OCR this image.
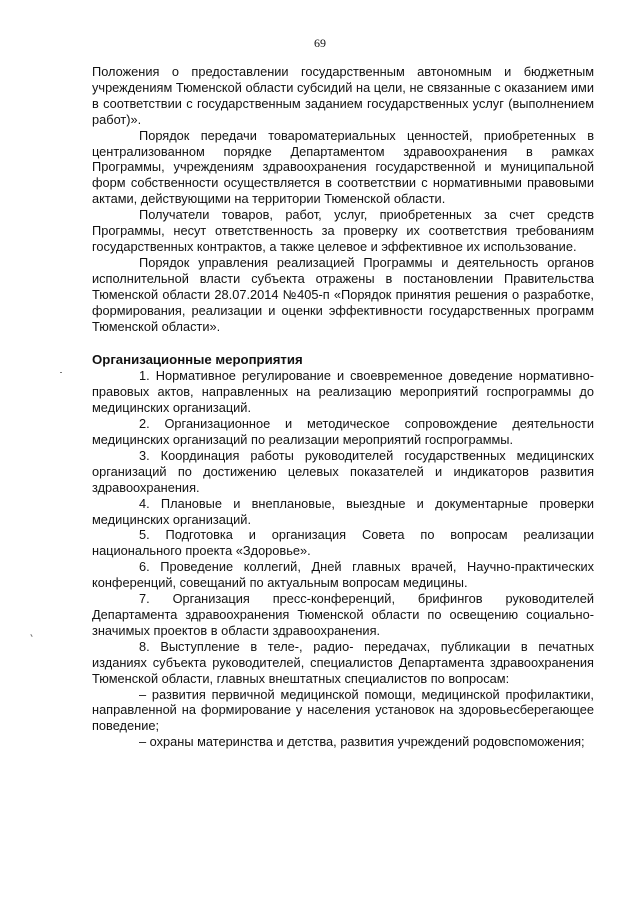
69

Положения о предоставлении государственным автономным и бюджетным учреждениям Тюменской области субсидий на цели, не связанные с оказанием ими в соответствии с государственным заданием государственных услуг (выполнением работ)».

Порядок передачи товароматериальных ценностей, приобретенных в централизованном порядке Департаментом здравоохранения в рамках Программы, учреждениям здравоохранения государственной и муниципальной форм собственности осуществляется в соответствии с нормативными правовыми актами, действующими на территории Тюменской области.

Получатели товаров, работ, услуг, приобретенных за счет средств Программы, несут ответственность за проверку их соответствия требованиям государственных контрактов, а также целевое и эффективное их использование.

Порядок управления реализацией Программы и деятельность органов исполнительной власти субъекта отражены в постановлении Правительства Тюменской области 28.07.2014 №405-п «Порядок принятия решения о разработке, формирования, реализации и оценки эффективности государственных программ Тюменской области».

Организационные мероприятия

1. Нормативное регулирование и своевременное доведение нормативно-правовых актов, направленных на реализацию мероприятий госпрограммы до медицинских организаций.

2. Организационное и методическое сопровождение деятельности медицинских организаций по реализации мероприятий госпрограммы.

3. Координация работы руководителей государственных медицинских организаций по достижению целевых показателей и индикаторов развития здравоохранения.

4. Плановые и внеплановые, выездные и документарные проверки медицинских организаций.

5. Подготовка и организация Совета по вопросам реализации национального проекта «Здоровье».

6. Проведение коллегий, Дней главных врачей, Научно-практических конференций, совещаний по актуальным вопросам медицины.

7. Организация пресс-конференций, брифингов руководителей Департамента здравоохранения Тюменской области по освещению социально-значимых проектов в области здравоохранения.

8. Выступление в теле-, радио- передачах, публикации в печатных изданиях субъекта руководителей, специалистов Департамента здравоохранения Тюменской области, главных внештатных специалистов по вопросам:

– развития первичной медицинской помощи, медицинской профилактики, направленной на формирование у населения установок на здоровьесберегающее поведение;

– охраны материнства и детства, развития учреждений родовспоможения;
